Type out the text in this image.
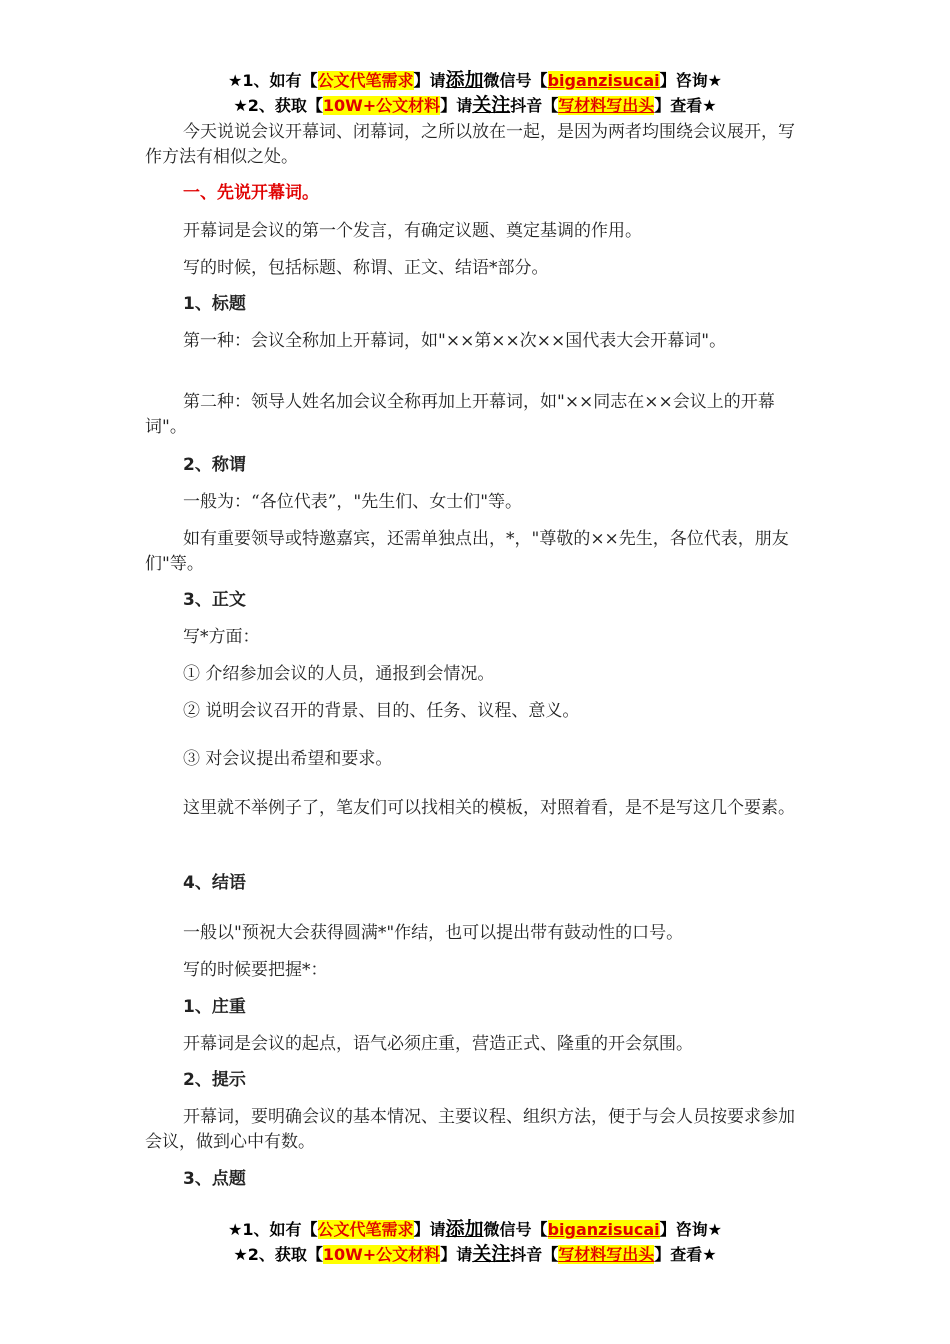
★1、如有【公文代笔需求】请添加微信号【biganzisucai】咨询★
★2、获取【10W+公文材料】请关注抖音【写材料写出头】查看★
今天说说会议开幕词、闭幕词，之所以放在一起，是因为两者均围绕会议展开，写作方法有相似之处。
一、先说开幕词。
开幕词是会议的第一个发言，有确定议题、奠定基调的作用。
写的时候，包括标题、称谓、正文、结语*部分。
1、标题
第一种：会议全称加上开幕词，如"××第××次××国代表大会开幕词"。
第二种：领导人姓名加会议全称再加上开幕词，如"××同志在××会议上的开幕词"。
2、称谓
一般为：“各位代表”，"先生们、女士们"等。
如有重要领导或特邀嘉宾，还需单独点出，*，"尊敬的××先生，各位代表，朋友们"等。
3、正文
写*方面：
① 介绍参加会议的人员，通报到会情况。
② 说明会议召开的背景、目的、任务、议程、意义。
③ 对会议提出希望和要求。
这里就不举例子了，笔友们可以找相关的模板，对照着看，是不是写这几个要素。
4、结语
一般以"预祝大会获得圆满*"作结，也可以提出带有鼓动性的口号。
写的时候要把握*：
1、庄重
开幕词是会议的起点，语气必须庄重，营造正式、隆重的开会氛围。
2、提示
开幕词，要明确会议的基本情况、主要议程、组织方法，便于与会人员按要求参加会议，做到心中有数。
3、点题
★1、如有【公文代笔需求】请添加微信号【biganzisucai】咨询★
★2、获取【10W+公文材料】请关注抖音【写材料写出头】查看★
